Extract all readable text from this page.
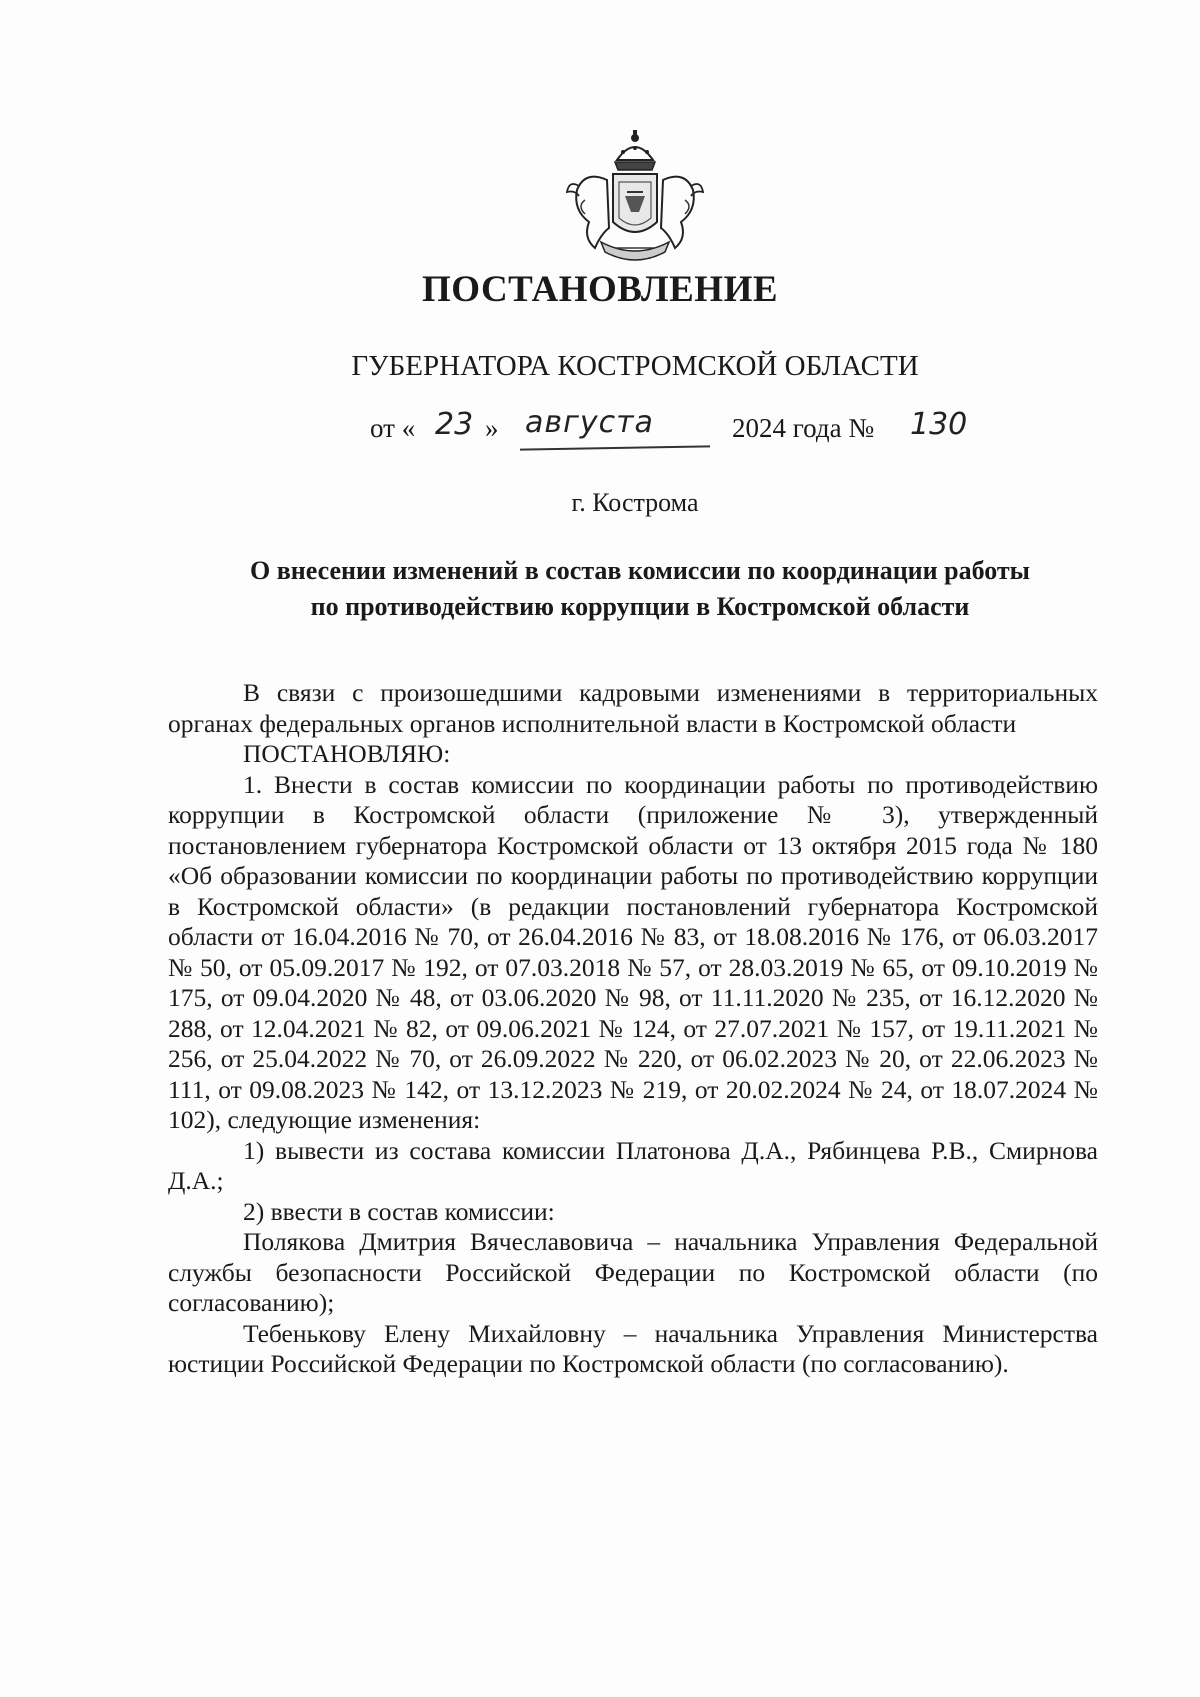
ПОСТАНОВЛЕНИЕ
ГУБЕРНАТОРА КОСТРОМСКОЙ ОБЛАСТИ
от « 23 » августа	2024 года № 130
г. Кострома
О внесении изменений в состав комиссии по координации работы
по противодействию коррупции в Костромской области

В связи с произошедшими кадровыми изменениями в территориальных органах федеральных органов исполнительной власти в Костромской области

ПОСТАНОВЛЯЮ:

1. Внести в состав комиссии по координации работы по противодействию коррупции в Костромской области (приложение № 3), утвержденный постановлением губернатора Костромской области от 13 октября 2015 года № 180 «Об образовании комиссии по координации работы по противодействию коррупции в Костромской области» (в редакции постановлений губернатора Костромской области от 16.04.2016 № 70, от 26.04.2016 № 83, от 18.08.2016 № 176, от 06.03.2017 № 50, от 05.09.2017 № 192, от 07.03.2018 № 57, от 28.03.2019 № 65, от 09.10.2019 № 175, от 09.04.2020 № 48, от 03.06.2020 № 98, от 11.11.2020 № 235, от 16.12.2020 № 288, от 12.04.2021 № 82, от 09.06.2021 № 124, от 27.07.2021 № 157, от 19.11.2021 № 256, от 25.04.2022 № 70, от 26.09.2022 № 220, от 06.02.2023 № 20, от 22.06.2023 № 111, от 09.08.2023 № 142, от 13.12.2023 № 219, от 20.02.2024 № 24, от 18.07.2024 № 102), следующие изменения:

1) вывести из состава комиссии Платонова Д.А., Рябинцева Р.В., Смирнова Д.А.;

2) ввести в состав комиссии:

Полякова Дмитрия Вячеславовича – начальника Управления Федеральной службы безопасности Российской Федерации по Костромской области (по согласованию);

Тебенькову Елену Михайловну – начальника Управления Министерства юстиции Российской Федерации по Костромской области (по согласованию).
